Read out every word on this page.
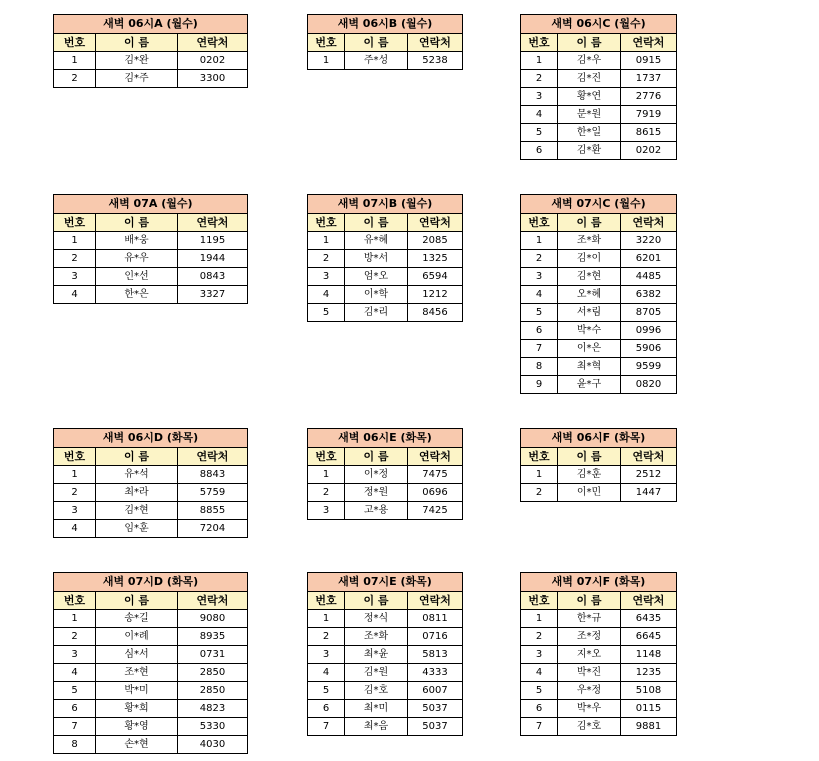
새벽 06시A (월수)		
번호	이 름	연락처
1	김*완	0202
2	김*주	3300
새벽 06시B (월수)		
번호	이 름	연락처
1	주*성	5238
새벽 06시C (월수)		
번호	이 름	연락처
1	김*우	0915
2	김*진	1737
3	황*연	2776
4	문*원	7919
5	한*일	8615
6	김*환	0202
새벽 07A (월수)		
번호	이 름	연락처
1	배*웅	1195
2	유*우	1944
3	인*선	0843
4	한*은	3327
새벽 07시B (월수)		
번호	이 름	연락처
1	유*혜	2085
2	방*서	1325
3	엄*오	6594
4	이*학	1212
5	김*리	8456
새벽 07시C (월수)		
번호	이 름	연락처
1	조*화	3220
2	김*이	6201
3	김*현	4485
4	오*혜	6382
5	서*림	8705
6	박*수	0996
7	이*은	5906
8	최*혁	9599
9	윤*구	0820
새벽 06시D (화목)		
번호	이 름	연락처
1	유*석	8843
2	최*라	5759
3	김*현	8855
4	임*훈	7204
새벽 06시E (화목)		
번호	이 름	연락처
1	이*정	7475
2	정*원	0696
3	고*용	7425
새벽 06시F (화목)		
번호	이 름	연락처
1	김*훈	2512
2	이*민	1447
새벽 07시D (화목)		
번호	이 름	연락처
1	송*길	9080
2	이*례	8935
3	심*서	0731
4	조*현	2850
5	박*미	2850
6	황*희	4823
7	황*영	5330
8	손*현	4030
새벽 07시E (화목)		
번호	이 름	연락처
1	정*식	0811
2	조*화	0716
3	최*윤	5813
4	김*원	4333
5	김*호	6007
6	최*미	5037
7	최*음	5037
새벽 07시F (화목)		
번호	이 름	연락처
1	한*규	6435
2	조*정	6645
3	지*오	1148
4	박*진	1235
5	우*정	5108
6	박*우	0115
7	김*호	9881
